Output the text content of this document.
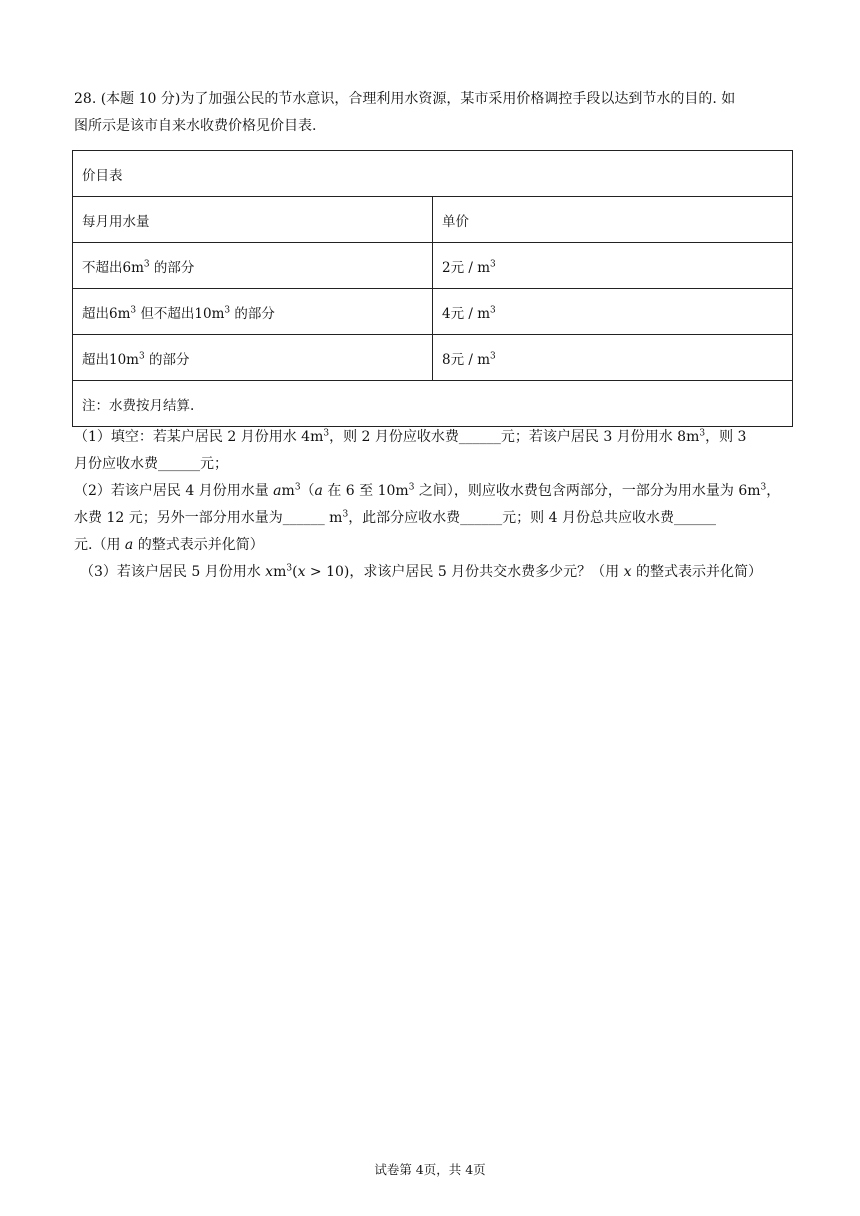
28. (本题 10 分)为了加强公民的节水意识，合理利用水资源，某市采用价格调控手段以达到节水的目的. 如
图所示是该市自来水收费价格见价目表.
价目表	
每月用水量	单价
不超出$6m^3$ 的部分	2元 / $m^3$
超出$6m^3$ 但不超出$10m^3$ 的部分	4元 / $m^3$
超出$10m^3$ 的部分	8元 / $m^3$
注：水费按月结算.	
（1）填空：若某户居民 2 月份用水 $4m^3$，则 2 月份应收水费______元；若该户居民 3 月份用水 $8m^3$，则 3
月份应收水费______元；
（2）若该户居民 4 月份用水量 $am^3(a$ 在 6 至 $10m^3$ 之间），则应收水费包含两部分，一部分为用水量为 $6m^3$，
水费 12 元；另外一部分用水量为______ $m^3$，此部分应收水费______元；则 4 月份总共应收水费______
元.（用 a 的整式表示并化简）
（3）若该户居民 5 月份用水 $xm^3(x > 10)$，求该户居民 5 月份共交水费多少元？（用 x 的整式表示并化简）
试卷第 4页，共 4页
